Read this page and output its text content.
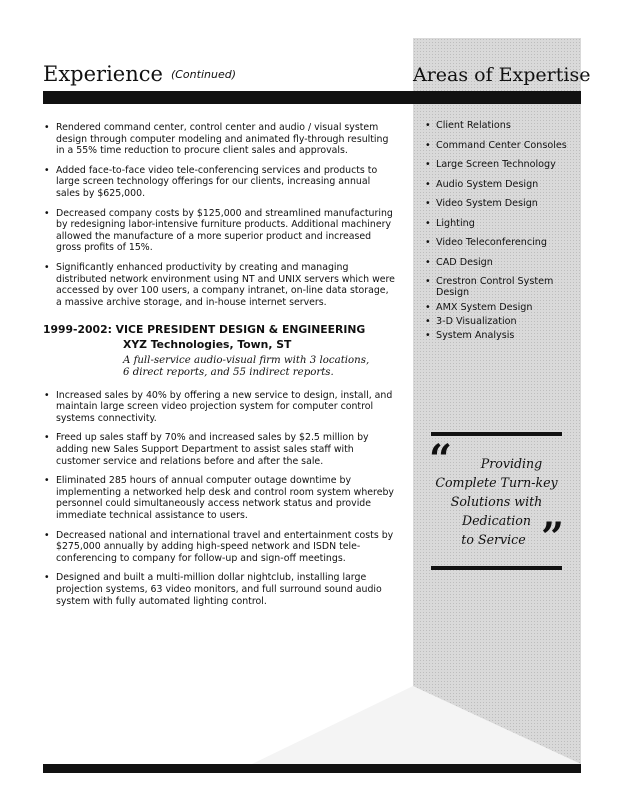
Experience (Continued)	Areas of Expertise
• Rendered command center, control center and audio / visual system design through computer modeling and animated fly-through resulting in a 55% time reduction to procure client sales and approvals.
• Added face-to-face video tele-conferencing services and products to large screen technology offerings for our clients, increasing annual sales by $625,000.
• Decreased company costs by $125,000 and streamlined manufacturing by redesigning labor-intensive furniture products. Additional machinery allowed the manufacture of a more superior product and increased gross profits of 15%.
• Significantly enhanced productivity by creating and managing distributed network environment using NT and UNIX servers which were accessed by over 100 users, a company intranet, on-line data storage, a massive archive storage, and in-house internet servers.
1999-2002: VICE PRESIDENT DESIGN & ENGINEERING
XYZ Technologies, Town, ST
A full-service audio-visual firm with 3 locations,
6 direct reports, and 55 indirect reports.
• Increased sales by 40% by offering a new service to design, install, and maintain large screen video projection system for computer control systems connectivity.
• Freed up sales staff by 70% and increased sales by $2.5 million by adding new Sales Support Department to assist sales staff with customer service and relations before and after the sale.
• Eliminated 285 hours of annual computer outage downtime by implementing a networked help desk and control room system whereby personnel could simultaneously access network status and provide immediate technical assistance to users.
• Decreased national and international travel and entertainment costs by $275,000 annually by adding high-speed network and ISDN tele-conferencing to company for follow-up and sign-off meetings.
• Designed and built a multi-million dollar nightclub, installing large projection systems, 63 video monitors, and full surround sound audio system with fully automated lighting control.
• Client Relations
• Command Center Consoles
• Large Screen Technology
• Audio System Design
• Video System Design
• Lighting
• Video Teleconferencing
• CAD Design
• Crestron Control System Design
• AMX System Design
• 3-D Visualization
• System Analysis
“	Providing
Complete Turn-key
Solutions with
Dedication
to Service ”
